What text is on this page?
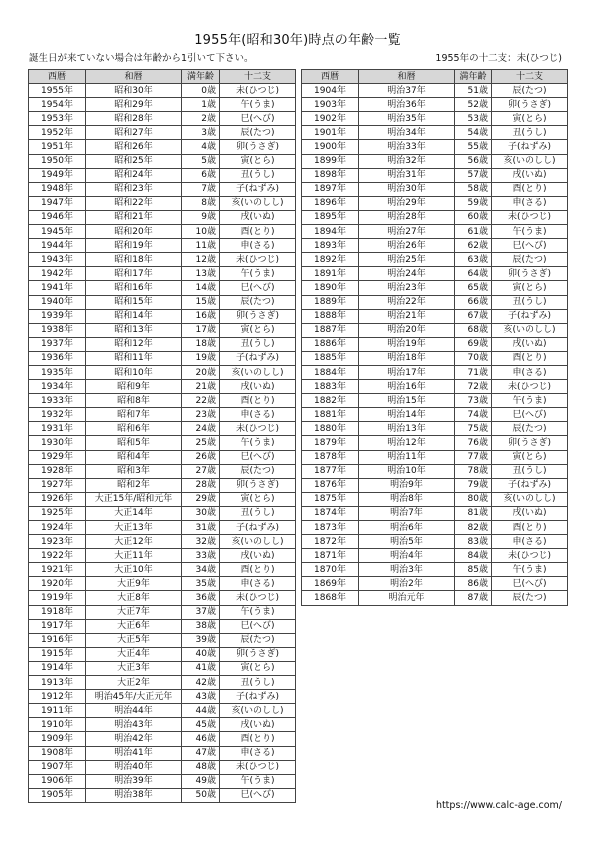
1955年(昭和30年)時点の年齢一覧
誕生日が来ていない場合は年齢から1引いて下さい。	1955年の十二支：未(ひつじ)
西暦	和暦	満年齢	十二支
1955年	昭和30年	0歳	未(ひつじ)
1954年	昭和29年	1歳	午(うま)
1953年	昭和28年	2歳	巳(へび)
1952年	昭和27年	3歳	辰(たつ)
1951年	昭和26年	4歳	卯(うさぎ)
1950年	昭和25年	5歳	寅(とら)
1949年	昭和24年	6歳	丑(うし)
1948年	昭和23年	7歳	子(ねずみ)
1947年	昭和22年	8歳	亥(いのしし)
1946年	昭和21年	9歳	戌(いぬ)
1945年	昭和20年	10歳	酉(とり)
1944年	昭和19年	11歳	申(さる)
1943年	昭和18年	12歳	未(ひつじ)
1942年	昭和17年	13歳	午(うま)
1941年	昭和16年	14歳	巳(へび)
1940年	昭和15年	15歳	辰(たつ)
1939年	昭和14年	16歳	卯(うさぎ)
1938年	昭和13年	17歳	寅(とら)
1937年	昭和12年	18歳	丑(うし)
1936年	昭和11年	19歳	子(ねずみ)
1935年	昭和10年	20歳	亥(いのしし)
1934年	昭和9年	21歳	戌(いぬ)
1933年	昭和8年	22歳	酉(とり)
1932年	昭和7年	23歳	申(さる)
1931年	昭和6年	24歳	未(ひつじ)
1930年	昭和5年	25歳	午(うま)
1929年	昭和4年	26歳	巳(へび)
1928年	昭和3年	27歳	辰(たつ)
1927年	昭和2年	28歳	卯(うさぎ)
1926年	大正15年/昭和元年	29歳	寅(とら)
1925年	大正14年	30歳	丑(うし)
1924年	大正13年	31歳	子(ねずみ)
1923年	大正12年	32歳	亥(いのしし)
1922年	大正11年	33歳	戌(いぬ)
1921年	大正10年	34歳	酉(とり)
1920年	大正9年	35歳	申(さる)
1919年	大正8年	36歳	未(ひつじ)
1918年	大正7年	37歳	午(うま)
1917年	大正6年	38歳	巳(へび)
1916年	大正5年	39歳	辰(たつ)
1915年	大正4年	40歳	卯(うさぎ)
1914年	大正3年	41歳	寅(とら)
1913年	大正2年	42歳	丑(うし)
1912年	明治45年/大正元年	43歳	子(ねずみ)
1911年	明治44年	44歳	亥(いのしし)
1910年	明治43年	45歳	戌(いぬ)
1909年	明治42年	46歳	酉(とり)
1908年	明治41年	47歳	申(さる)
1907年	明治40年	48歳	未(ひつじ)
1906年	明治39年	49歳	午(うま)
1905年	明治38年	50歳	巳(へび)
西暦	和暦	満年齢	十二支
1904年	明治37年	51歳	辰(たつ)
1903年	明治36年	52歳	卯(うさぎ)
1902年	明治35年	53歳	寅(とら)
1901年	明治34年	54歳	丑(うし)
1900年	明治33年	55歳	子(ねずみ)
1899年	明治32年	56歳	亥(いのしし)
1898年	明治31年	57歳	戌(いぬ)
1897年	明治30年	58歳	酉(とり)
1896年	明治29年	59歳	申(さる)
1895年	明治28年	60歳	未(ひつじ)
1894年	明治27年	61歳	午(うま)
1893年	明治26年	62歳	巳(へび)
1892年	明治25年	63歳	辰(たつ)
1891年	明治24年	64歳	卯(うさぎ)
1890年	明治23年	65歳	寅(とら)
1889年	明治22年	66歳	丑(うし)
1888年	明治21年	67歳	子(ねずみ)
1887年	明治20年	68歳	亥(いのしし)
1886年	明治19年	69歳	戌(いぬ)
1885年	明治18年	70歳	酉(とり)
1884年	明治17年	71歳	申(さる)
1883年	明治16年	72歳	未(ひつじ)
1882年	明治15年	73歳	午(うま)
1881年	明治14年	74歳	巳(へび)
1880年	明治13年	75歳	辰(たつ)
1879年	明治12年	76歳	卯(うさぎ)
1878年	明治11年	77歳	寅(とら)
1877年	明治10年	78歳	丑(うし)
1876年	明治9年	79歳	子(ねずみ)
1875年	明治8年	80歳	亥(いのしし)
1874年	明治7年	81歳	戌(いぬ)
1873年	明治6年	82歳	酉(とり)
1872年	明治5年	83歳	申(さる)
1871年	明治4年	84歳	未(ひつじ)
1870年	明治3年	85歳	午(うま)
1869年	明治2年	86歳	巳(へび)
1868年	明治元年	87歳	辰(たつ)
https://www.calc-age.com/
